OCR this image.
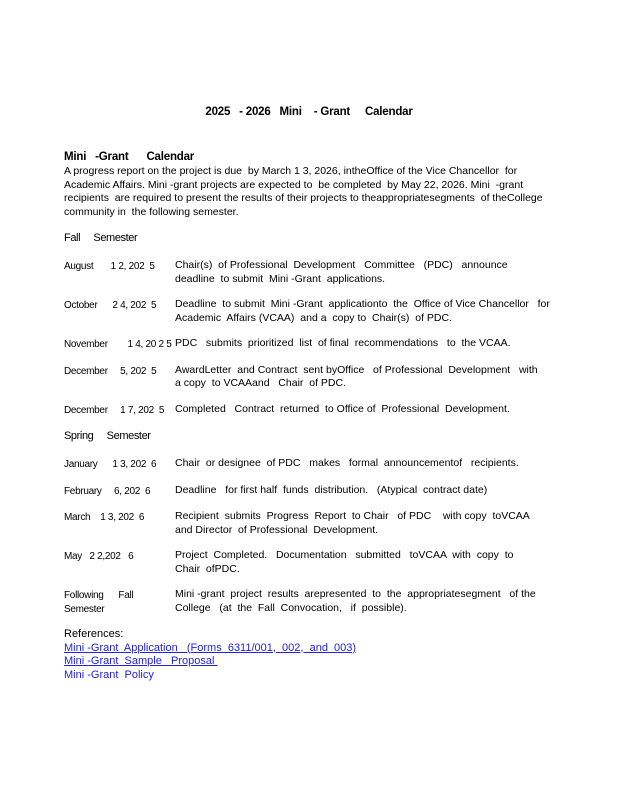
2025   - 2026   Mini    - Grant     Calendar
Mini   -Grant      Calendar
A progress report on the project is due  by March 1 3, 2026, intheOffice of the Vice Chancellor  for
Academic Affairs. Mini -grant projects are expected to  be completed  by May 22, 2026. Mini  -grant
recipients  are required to present the results of their projects to theappropriatesegments  of theCollege
community in  the following semester.
Fall     Semester
August       1 2, 202  5	Chair(s)  of Professional  Development   Committee   (PDC)   announce
deadline  to submit  Mini -Grant  applications.
October      2 4, 202  5	Deadline  to submit  Mini -Grant  applicationto  the  Office of Vice Chancellor   for
Academic  Affairs (VCAA)  and a  copy to  Chair(s)  of PDC.
November        1 4, 20 2 5 PDC   submits  prioritized  list  of final  recommendations   to  the VCAA.
December     5, 202  5	AwardLetter  and Contract  sent byOffice   of Professional  Development   with
a copy  to VCAAand   Chair  of PDC.
December     1 7, 202  5	Completed   Contract  returned  to Office of  Professional  Development.
Spring     Semester
January      1 3, 202  6	Chair  or designee  of PDC   makes   formal  announcementof   recipients.
February     6, 202  6	Deadline   for first half  funds  distribution.   (Atypical  contract date)
March    1 3, 202  6	Recipient  submits  Progress  Report  to Chair   of PDC    with copy  toVCAA
and Director  of Professional  Development.
May   2 2,202   6	Project  Completed.   Documentation   submitted   toVCAA  with  copy  to
Chair  ofPDC.
Following      Fall
Semester
Mini -grant  project  results  arepresented  to  the  appropriatesegment   of the
College   (at  the  Fall  Convocation,   if  possible).
References:
Mini -Grant  Application   (Forms  6311/001,  002,  and  003)
Mini -Grant  Sample   Proposal
Mini -Grant  Policy
